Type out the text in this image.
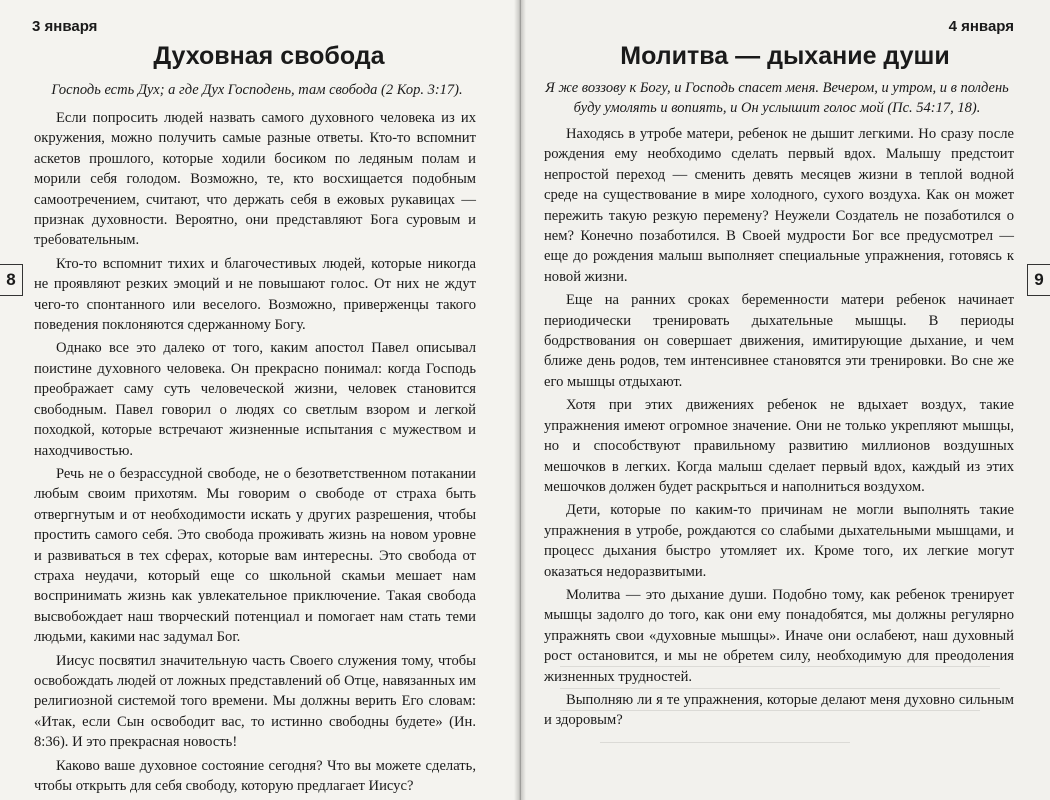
3 января
Духовная свобода
Господь есть Дух; а где Дух Господень, там свобода (2 Кор. 3:17).

Если попросить людей назвать самого духовного человека из их окружения, можно получить самые разные ответы. Кто-то вспомнит аскетов прошлого, которые ходили босиком по ледяным полам и морили себя голодом. Возможно, те, кто восхищается подобным самоотречением, считают, что держать себя в ежовых рукавицах — признак духовности. Вероятно, они представляют Бога суровым и требовательным.

Кто-то вспомнит тихих и благочестивых людей, которые никогда не проявляют резких эмоций и не повышают голос. От них не ждут чего-то спонтанного или веселого. Возможно, приверженцы такого поведения поклоняются сдержанному Богу.

Однако все это далеко от того, каким апостол Павел описывал поистине духовного человека. Он прекрасно понимал: когда Господь преображает саму суть человеческой жизни, человек становится свободным. Павел говорил о людях со светлым взором и легкой походкой, которые встречают жизненные испытания с мужеством и находчивостью.

Речь не о безрассудной свободе, не о безответственном потакании любым своим прихотям. Мы говорим о свободе от страха быть отвергнутым и от необходимости искать у других разрешения, чтобы простить самого себя. Это свобода проживать жизнь на новом уровне и развиваться в тех сферах, которые вам интересны. Это свобода от страха неудачи, который еще со школьной скамьи мешает нам воспринимать жизнь как увлекательное приключение. Такая свобода высвобождает наш творческий потенциал и помогает нам стать теми людьми, какими нас задумал Бог.

Иисус посвятил значительную часть Своего служения тому, чтобы освобождать людей от ложных представлений об Отце, навязанных им религиозной системой того времени. Мы должны верить Его словам: «Итак, если Сын освободит вас, то истинно свободны будете» (Ин. 8:36). И это прекрасная новость!

Каково ваше духовное состояние сегодня? Что вы можете сделать, чтобы открыть для себя свободу, которую предлагает Иисус?

8
4 января
Молитва — дыхание души
Я же воззову к Богу, и Господь спасет меня. Вечером, и утром, и в полдень буду умолять и вопиять, и Он услышит голос мой (Пс. 54:17, 18).

Находясь в утробе матери, ребенок не дышит легкими. Но сразу после рождения ему необходимо сделать первый вдох. Малышу предстоит непростой переход — сменить девять месяцев жизни в теплой водной среде на существование в мире холодного, сухого воздуха. Как он может пережить такую резкую перемену? Неужели Создатель не позаботился о нем? Конечно позаботился. В Своей мудрости Бог все предусмотрел — еще до рождения малыш выполняет специальные упражнения, готовясь к новой жизни.

Еще на ранних сроках беременности матери ребенок начинает периодически тренировать дыхательные мышцы. В периоды бодрствования он совершает движения, имитирующие дыхание, и чем ближе день родов, тем интенсивнее становятся эти тренировки. Во сне же его мышцы отдыхают.

Хотя при этих движениях ребенок не вдыхает воздух, такие упражнения имеют огромное значение. Они не только укрепляют мышцы, но и способствуют правильному развитию миллионов воздушных мешочков в легких. Когда малыш сделает первый вдох, каждый из этих мешочков должен будет раскрыться и наполниться воздухом.

Дети, которые по каким-то причинам не могли выполнять такие упражнения в утробе, рождаются со слабыми дыхательными мышцами, и процесс дыхания быстро утомляет их. Кроме того, их легкие могут оказаться недоразвитыми.

Молитва — это дыхание души. Подобно тому, как ребенок тренирует мышцы задолго до того, как они ему понадобятся, мы должны регулярно упражнять свои «духовные мышцы». Иначе они ослабеют, наш духовный рост остановится, и мы не обретем силу, необходимую для преодоления жизненных трудностей.

Выполняю ли я те упражнения, которые делают меня духовно сильным и здоровым?

9
